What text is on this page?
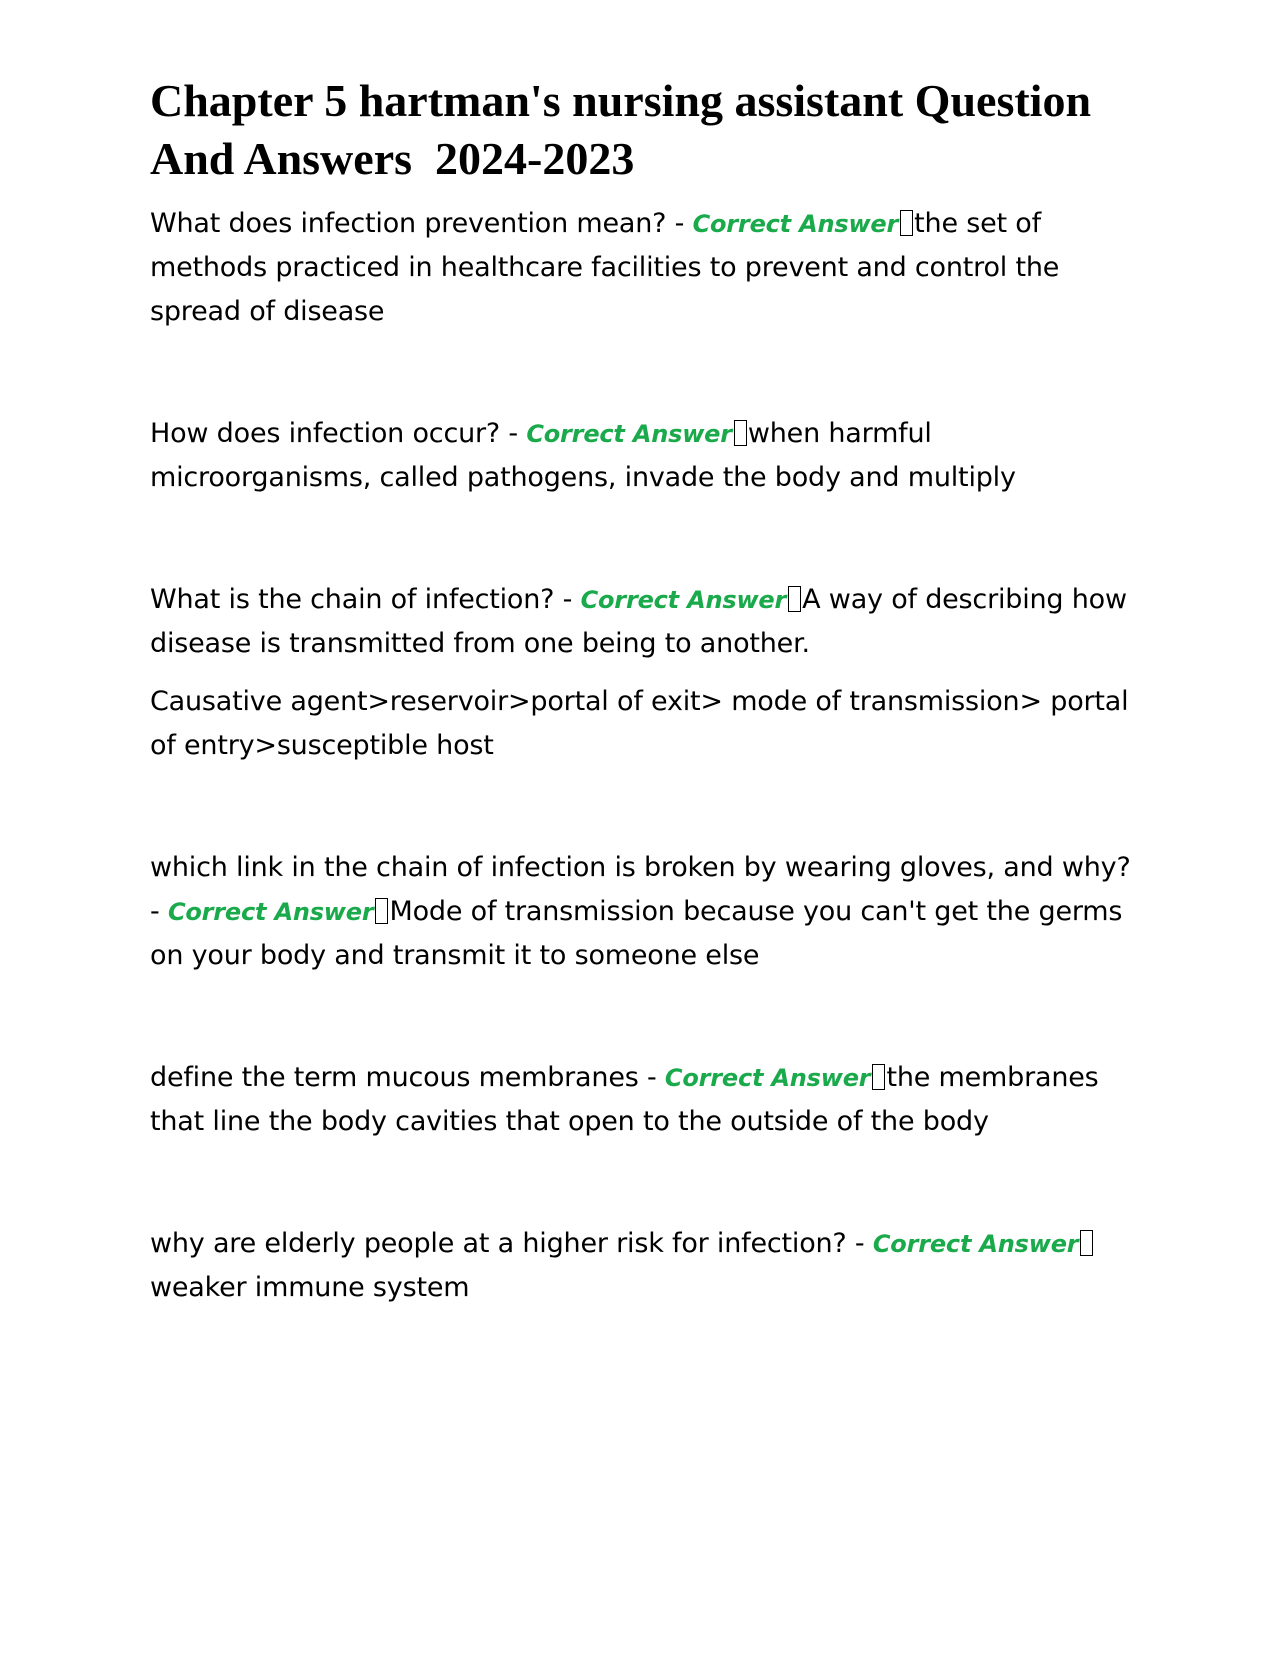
Chapter 5 hartman's nursing assistant Question And Answers  2024-2023

What does infection prevention mean? - Correct Answer the set of methods practiced in healthcare facilities to prevent and control the spread of disease

How does infection occur? - Correct Answer when harmful microorganisms, called pathogens, invade the body and multiply

What is the chain of infection? - Correct Answer A way of describing how disease is transmitted from one being to another.

Causative agent>reservoir>portal of exit> mode of transmission> portal of entry>susceptible host

which link in the chain of infection is broken by wearing gloves, and why? - Correct Answer Mode of transmission because you can't get the germs on your body and transmit it to someone else

define the term mucous membranes - Correct Answer the membranes that line the body cavities that open to the outside of the body

why are elderly people at a higher risk for infection? - Correct Answerweaker immune system
